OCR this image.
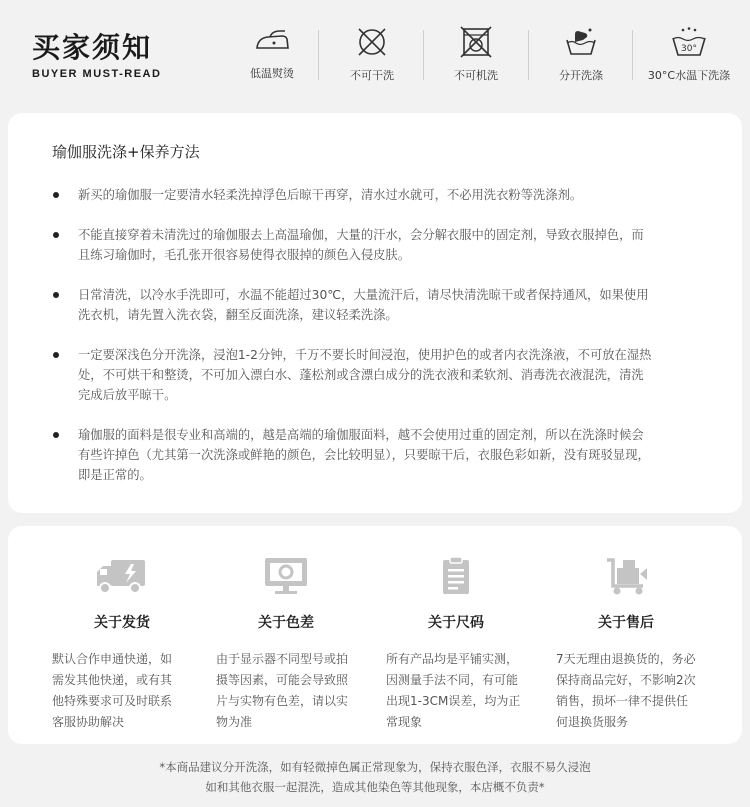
买家须知
BUYER MUST-READ	低温熨烫	不可干洗	不可机洗	分开洗涤
30°
30°C水温下洗涤
瑜伽服洗涤+保养方法
新买的瑜伽服一定要清水轻柔洗掉浮色后晾干再穿，清水过水就可，不必用洗衣粉等洗涤剂。
不能直接穿着未清洗过的瑜伽服去上高温瑜伽，大量的汗水，会分解衣服中的固定剂，导致衣服掉色，而
且练习瑜伽时，毛孔张开很容易使得衣服掉的颜色入侵皮肤。
日常清洗，以冷水手洗即可，水温不能超过30℃，大量流汗后，请尽快清洗晾干或者保持通风，如果使用
洗衣机，请先置入洗衣袋，翻至反面洗涤，建议轻柔洗涤。
一定要深浅色分开洗涤，浸泡1-2分钟，千万不要长时间浸泡，使用护色的或者内衣洗涤液，不可放在湿热
处，不可烘干和整烫，不可加入漂白水、蓬松剂或含漂白成分的洗衣液和柔软剂、消毒洗衣液混洗，清洗
完成后放平晾干。
瑜伽服的面料是很专业和高端的，越是高端的瑜伽服面料，越不会使用过重的固定剂，所以在洗涤时候会
有些许掉色（尤其第一次洗涤或鲜艳的颜色，会比较明显），只要晾干后，衣服色彩如新，没有斑驳显现，
即是正常的。
关于发货
默认合作申通快递，如
需发其他快递，或有其
他特殊要求可及时联系
客服协助解决
关于色差
由于显示器不同型号或拍
摄等因素，可能会导致照
片与实物有色差，请以实
物为准
关于尺码
所有产品均是平铺实测，
因测量手法不同，有可能
出现1-3CM误差，均为正
常现象
关于售后
7天无理由退换货的，务必
保持商品完好，不影响2次
销售，损坏一律不提供任
何退换货服务
*本商品建议分开洗涤，如有轻微掉色属正常现象为，保持衣服色泽，衣服不易久浸泡
如和其他衣服一起混洗，造成其他染色等其他现象，本店概不负责*
